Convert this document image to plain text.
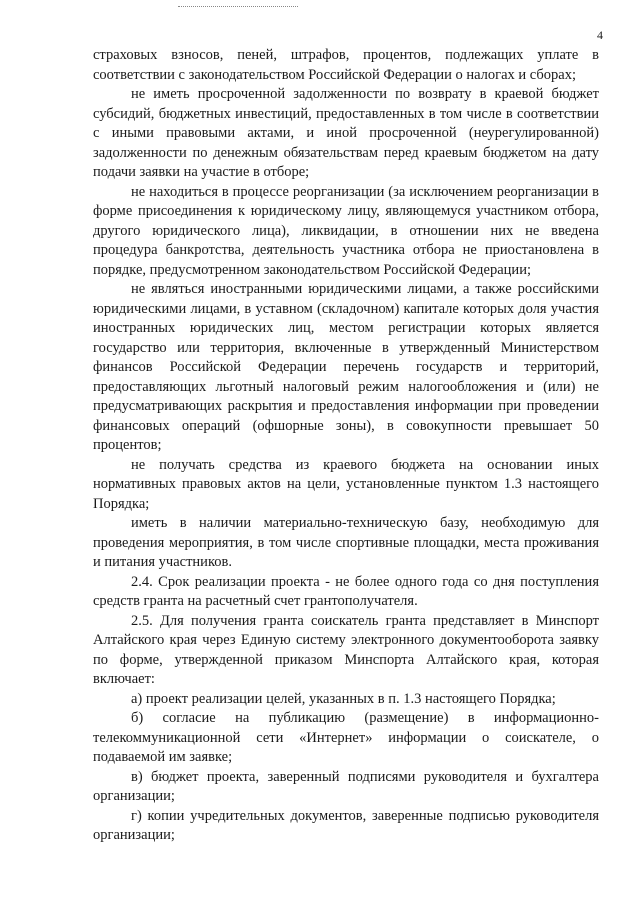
4

страховых взносов, пеней, штрафов, процентов, подлежащих уплате в соответствии с законодательством Российской Федерации о налогах и сборах;

не иметь просроченной задолженности по возврату в краевой бюджет субсидий, бюджетных инвестиций, предоставленных в том числе в соответствии с иными правовыми актами, и иной просроченной (неурегулированной) задолженности по денежным обязательствам перед краевым бюджетом на дату подачи заявки на участие в отборе;

не находиться в процессе реорганизации (за исключением реорганизации в форме присоединения к юридическому лицу, являющемуся участником отбора, другого юридического лица), ликвидации, в отношении них не введена процедура банкротства, деятельность участника отбора не приостановлена в порядке, предусмотренном законодательством Российской Федерации;

не являться иностранными юридическими лицами, а также российскими юридическими лицами, в уставном (складочном) капитале которых доля участия иностранных юридических лиц, местом регистрации которых является государство или территория, включенные в утвержденный Министерством финансов Российской Федерации перечень государств и территорий, предоставляющих льготный налоговый режим налогообложения и (или) не предусматривающих раскрытия и предоставления информации при проведении финансовых операций (офшорные зоны), в совокупности превышает 50 процентов;

не получать средства из краевого бюджета на основании иных нормативных правовых актов на цели, установленные пунктом 1.3 настоящего Порядка;

иметь в наличии материально-техническую базу, необходимую для проведения мероприятия, в том числе спортивные площадки, места проживания и питания участников.

2.4. Срок реализации проекта - не более одного года со дня поступления средств гранта на расчетный счет грантополучателя.

2.5. Для получения гранта соискатель гранта представляет в Минспорт Алтайского края через Единую систему электронного документооборота заявку по форме, утвержденной приказом Минспорта Алтайского края, которая включает:

а) проект реализации целей, указанных в п. 1.3 настоящего Порядка;

б) согласие на публикацию (размещение) в информационно-телекоммуникационной сети «Интернет» информации о соискателе, о подаваемой им заявке;

в) бюджет проекта, заверенный подписями руководителя и бухгалтера организации;

г) копии учредительных документов, заверенные подписью руководителя организации;
